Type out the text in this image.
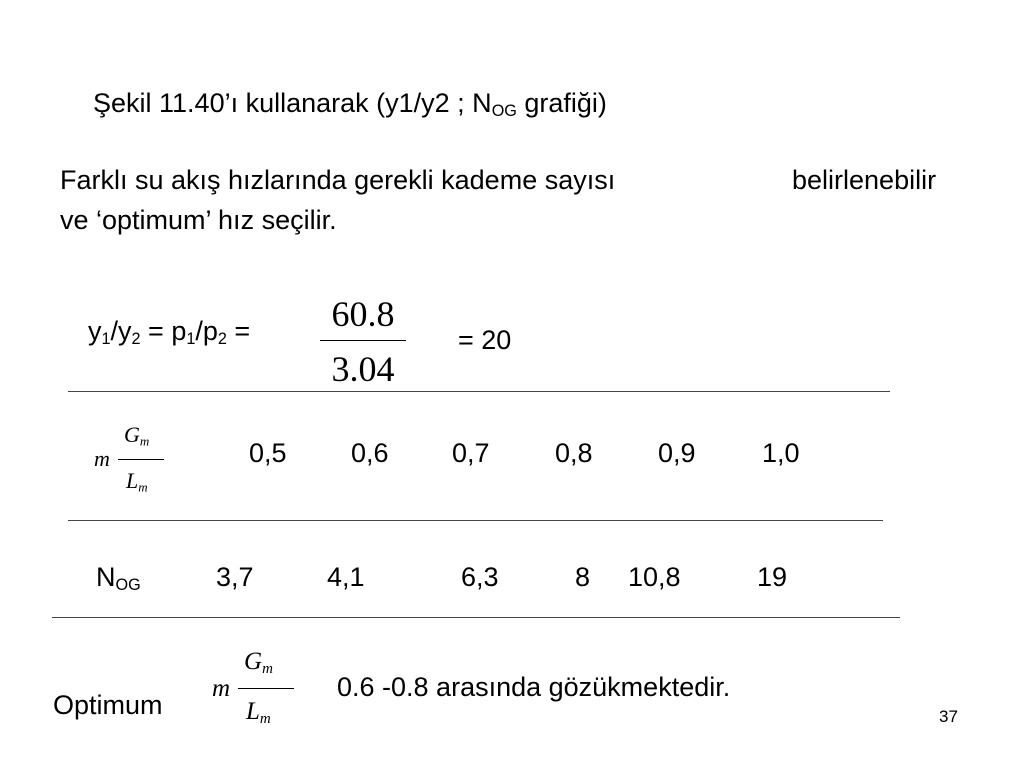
Şekil 11.40’ı kullanarak (y1/y2 ; $N_{OG}$ grafiği)
Farklı su akış hızlarında gerekli kademe sayısı	belirlenebilir
ve ‘optimum’ hız seçilir.
$y_1/y_2 = p_1/p_2$ =	60.8
3.04
= 20
m
$G_m$
$L_m$
0,5 0,6 0,7 0,8 0,9 1,0
$N_{OG}$	3,7	4,1	6,3	8 10,8	19
Optimum
m
$G_m$
$L_m$
0.6 -0.8 arasında gözükmektedir.
37
